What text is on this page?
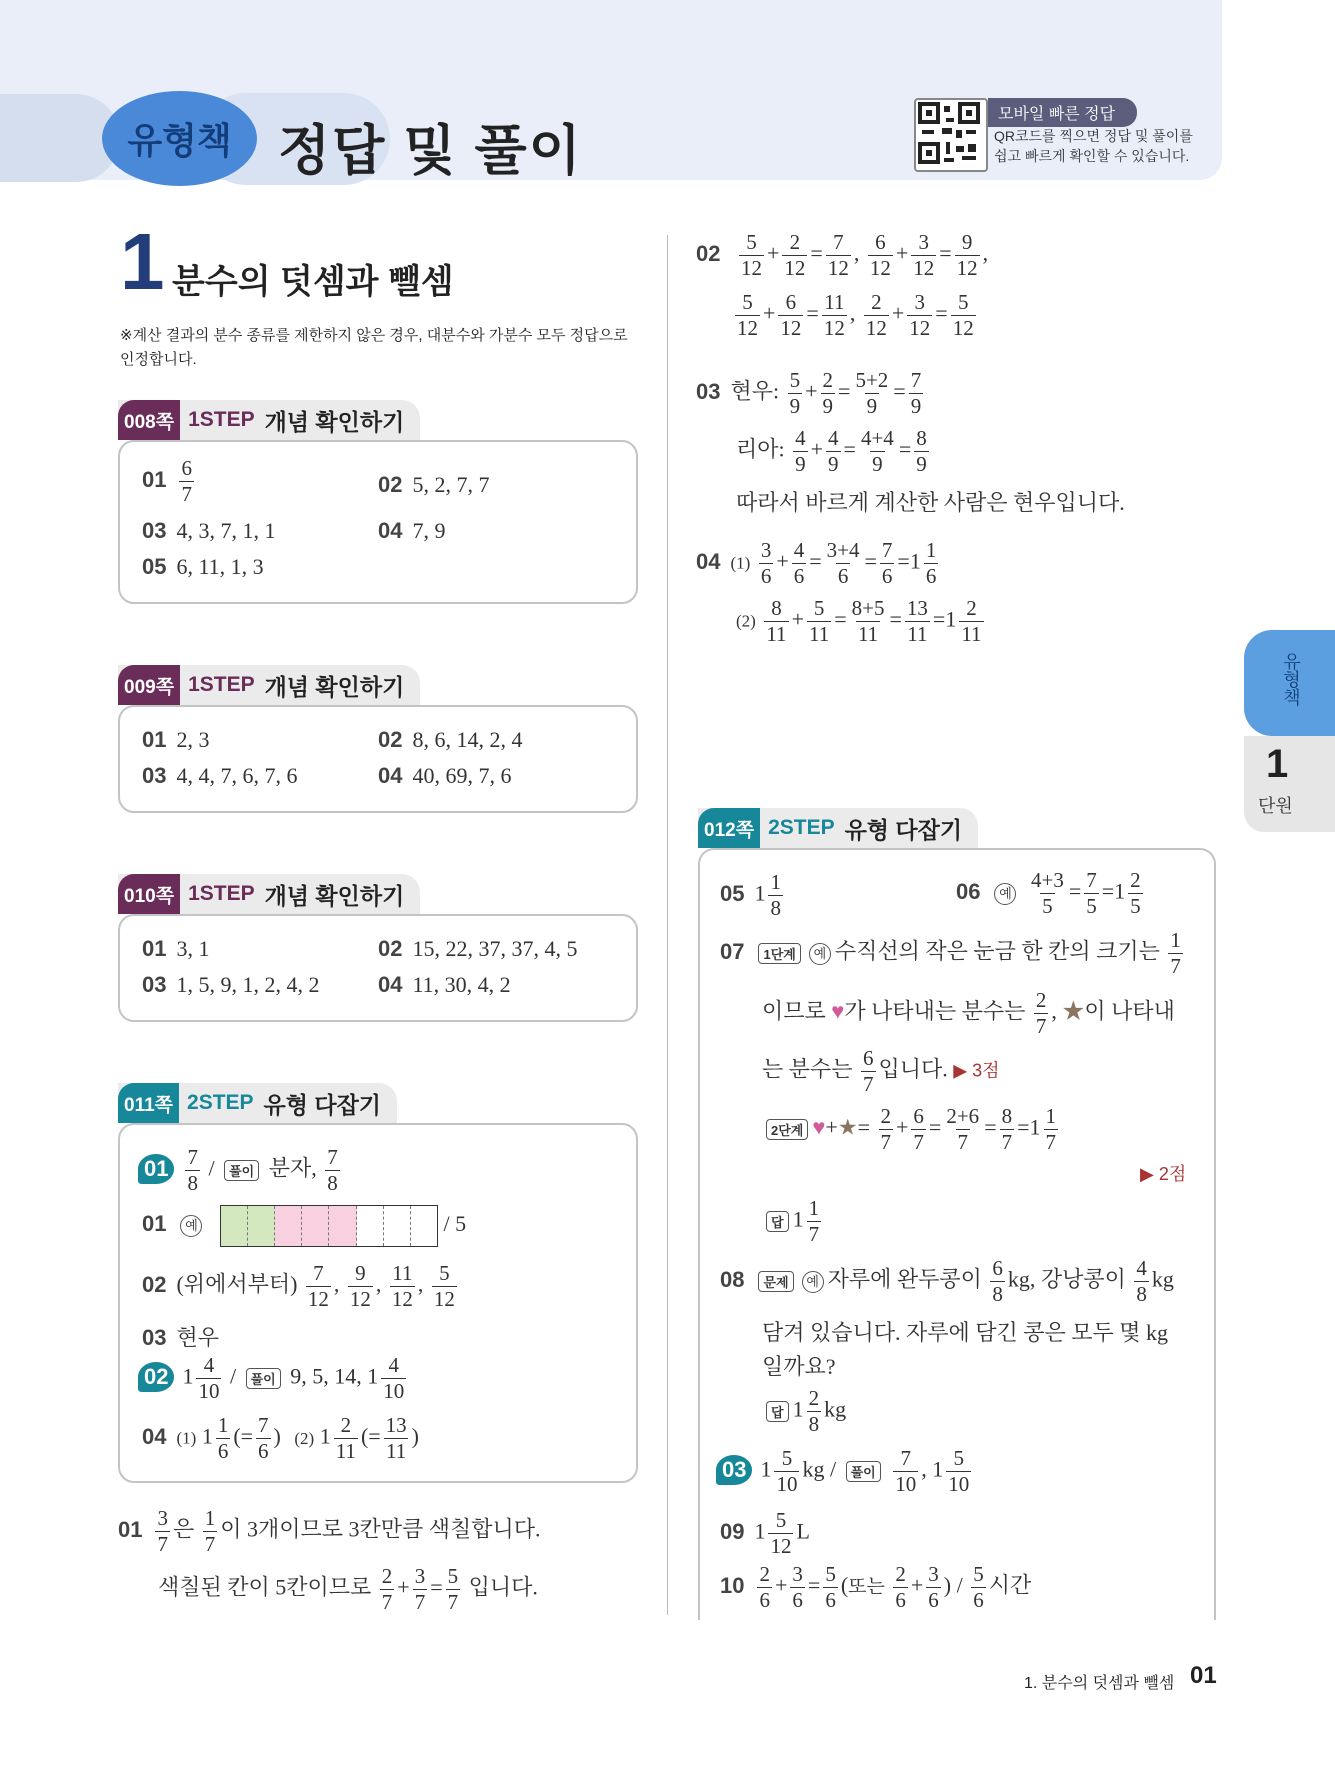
유형책 정답 및 풀이
모바일 빠른 정답
QR코드를 찍으면 정답 및 풀이를
쉽고 빠르게 확인할 수 있습니다.
1 분수의 덧셈과 뺄셈
※계산 결과의 분수 종류를 제한하지 않은 경우, 대분수와 가분수 모두 정답으로 인정합니다.
008쪽 1STEP 개념 확인하기
$01 \frac{6}{7}$	02 5, 2, 7, 7
03 4, 3, 7, 1, 1	04 7, 9
05 6, 11, 1, 3
009쪽 1STEP 개념 확인하기
01 2, 3	02 8, 6, 14, 2, 4
03 4, 4, 7, 6, 7, 6	04 40, 69, 7, 6
010쪽 1STEP 개념 확인하기
01 3, 1	02 15, 22, 37, 37, 4, 5
03 1, 5, 9, 1, 2, 4, 2	04 11, 30, 4, 2
011쪽 2STEP 유형 다잡기
$01 \frac{7}{8}$ / 풀이 분자, $\frac{7}{8}$
01 예	/ 5
02 (위에서부터) $\frac{7}{12}$ , $\frac{9}{12}$ , $\frac{11}{12}$ , $\frac{5}{12}$
03 현우
02 $1 \frac{4}{10}$ / 풀이 9, 5, 14, $1 \frac{4}{10}$
04 (1) $1 \frac{1}{6}$ (= $\frac{7}{6}$ ) (2) $1 \frac{2}{11}$ (= $\frac{13}{11}$ )
$01 \frac{3}{7}$ 은 $\frac{1}{7}$ 이 3개이므로 3칸만큼 색칠합니다.
색칠된 칸이 5칸이므로 $\frac{2}{7} + \frac{3}{7} = \frac{5}{7}$ 입니다.
$02 \frac{5}{12} + \frac{2}{12} = \frac{7}{12}$ , $\frac{6}{12} + \frac{3}{12} = \frac{9}{12}$ ,
$\frac{5}{12} + \frac{6}{12} = \frac{11}{12}$ , $\frac{2}{12} + \frac{3}{12} = \frac{5}{12}$
03 현우: $\frac{5}{9} + \frac{2}{9} = \frac{5+2}{9} = \frac{7}{9}$
리아: $\frac{4}{9} + \frac{4}{9} = \frac{4+4}{9} = \frac{8}{9}$
따라서 바르게 계산한 사람은 현우입니다.
04 $(1) \frac{3}{6} + \frac{4}{6} = \frac{3+4}{6} = \frac{7}{6} =1 \frac{1}{6}$
$(2) \frac{8}{11} + \frac{5}{11} = \frac{8+5}{11} = \frac{13}{11} =1 \frac{2}{11}$
012쪽 2STEP 유형 다잡기
05 $1 \frac{1}{8}$	06 예 $\frac{4+3}{5} = \frac{7}{5} =1 \frac{2}{5}$
07 1단계 예 수직선의 작은 눈금 한 칸의 크기는 $\frac{1}{7}$
이므로 ♥가 나타내는 분수는 $\frac{2}{7}$ , ★이 나타내
는 분수는 $\frac{6}{7}$ 입니다. ▶ 3점
2단계 ♥+★= $\frac{2}{7} + \frac{6}{7} = \frac{2+6}{7} = \frac{8}{7} =1 \frac{1}{7}$
▶ 2점
답 $1 \frac{1}{7}$
08 문제 예 자루에 완두콩이 $\frac{6}{8}$ kg, 강낭콩이 $\frac{4}{8}$ kg
담겨 있습니다. 자루에 담긴 콩은 모두 몇 kg
일까요?
답 $1 \frac{2}{8}$ kg
03 $1 \frac{5}{10}$ kg / 풀이 $\frac{7}{10}$ , $1 \frac{5}{10}$
09 $1 \frac{5}{12}$ L
$10 \frac{2}{6} + \frac{3}{6} = \frac{5}{6}$ (또는 $\frac{2}{6} + \frac{3}{6}$ ) / $\frac{5}{6}$ 시간
유형책
1
단원
1. 분수의 덧셈과 뺄셈 01
